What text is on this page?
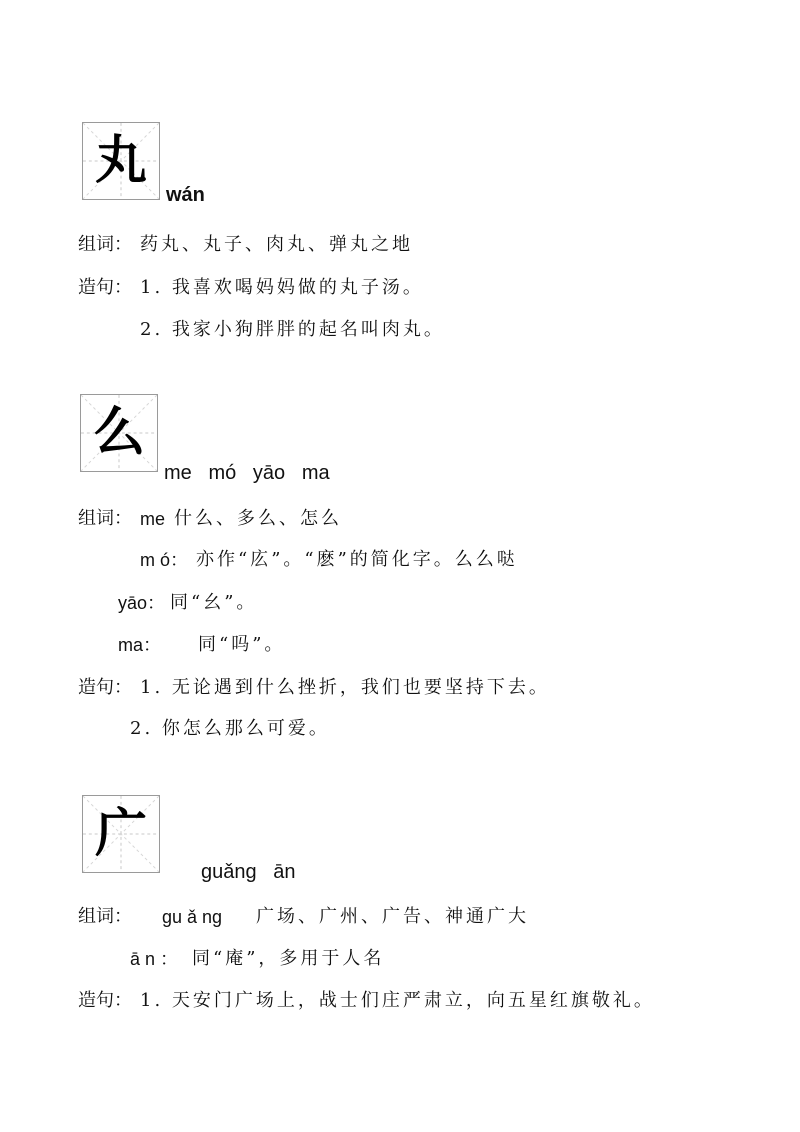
丸
wán
组词： 药丸、丸子、肉丸、弹丸之地
造句： 1. 我喜欢喝妈妈做的丸子汤。
2. 我家小狗胖胖的起名叫肉丸。
么
me   mó   yāo   ma
组词： me 什么、多么、怎么
m ó： 亦作“庅”。“麽”的简化字。么么哒
yāo： 同“幺”。
ma： 同“吗”。
造句： 1. 无论遇到什么挫折，我们也要坚持下去。
2. 你怎么那么可爱。
广
guǎng   ān
组词： gu ǎ ng 广场、广州、广告、神通广大
ā n ： 同“庵”，多用于人名
造句： 1. 天安门广场上，战士们庄严肃立，向五星红旗敬礼。
